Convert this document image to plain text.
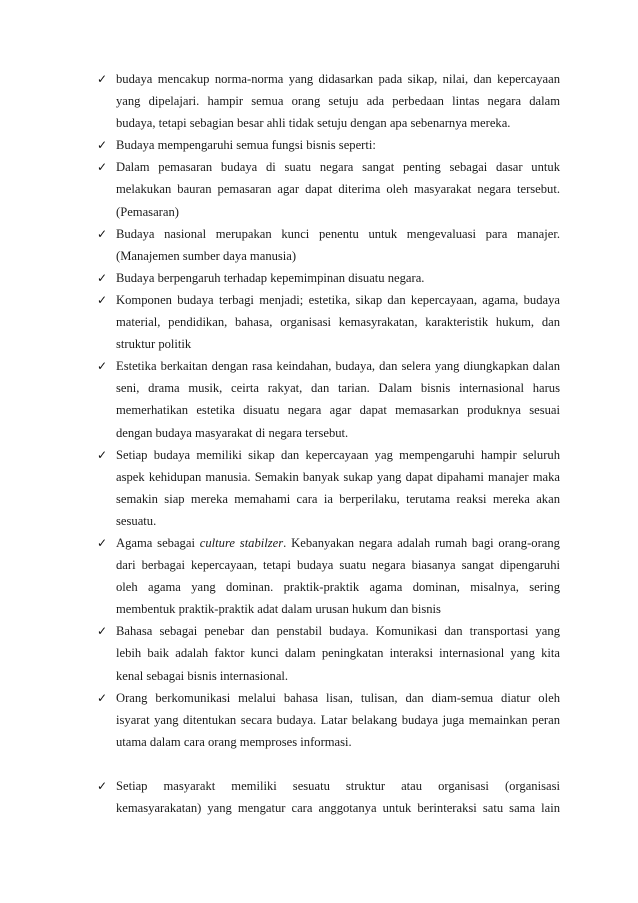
✓ budaya mencakup norma-norma yang didasarkan pada sikap, nilai, dan kepercayaan
yang dipelajari. hampir semua orang setuju ada perbedaan lintas negara dalam
budaya, tetapi sebagian besar ahli tidak setuju dengan apa sebenarnya mereka.
✓ Budaya mempengaruhi semua fungsi bisnis seperti:
✓ Dalam pemasaran budaya di suatu negara sangat penting sebagai dasar untuk
melakukan bauran pemasaran agar dapat diterima oleh masyarakat negara tersebut.
(Pemasaran)
✓ Budaya nasional merupakan kunci penentu untuk mengevaluasi para manajer.
(Manajemen sumber daya manusia)
✓ Budaya berpengaruh terhadap kepemimpinan disuatu negara.
✓ Komponen budaya terbagi menjadi; estetika, sikap dan kepercayaan, agama, budaya
material, pendidikan, bahasa, organisasi kemasyrakatan, karakteristik hukum, dan
struktur politik
✓ Estetika berkaitan dengan rasa keindahan, budaya, dan selera yang diungkapkan dalan
seni, drama musik, ceirta rakyat, dan tarian. Dalam bisnis internasional harus
memerhatikan estetika disuatu negara agar dapat memasarkan produknya sesuai
dengan budaya masyarakat di negara tersebut.
✓ Setiap budaya memiliki sikap dan kepercayaan yag mempengaruhi hampir seluruh
aspek kehidupan manusia. Semakin banyak sukap yang dapat dipahami manajer maka
semakin siap mereka memahami cara ia berperilaku, terutama reaksi mereka akan
sesuatu.
✓ Agama sebagai culture stabilzer. Kebanyakan negara adalah rumah bagi orang-orang
dari berbagai kepercayaan, tetapi budaya suatu negara biasanya sangat dipengaruhi
oleh agama yang dominan. praktik-praktik agama dominan, misalnya, sering
membentuk praktik-praktik adat dalam urusan hukum dan bisnis
✓ Bahasa sebagai penebar dan penstabil budaya. Komunikasi dan transportasi yang
lebih baik adalah faktor kunci dalam peningkatan interaksi internasional yang kita
kenal sebagai bisnis internasional.
✓ Orang berkomunikasi melalui bahasa lisan, tulisan, dan diam-semua diatur oleh
isyarat yang ditentukan secara budaya. Latar belakang budaya juga memainkan peran
utama dalam cara orang memproses informasi.
✓ Setiap masyarakt memiliki sesuatu struktur atau organisasi (organisasi
kemasyarakatan) yang mengatur cara anggotanya untuk berinteraksi satu sama lain
